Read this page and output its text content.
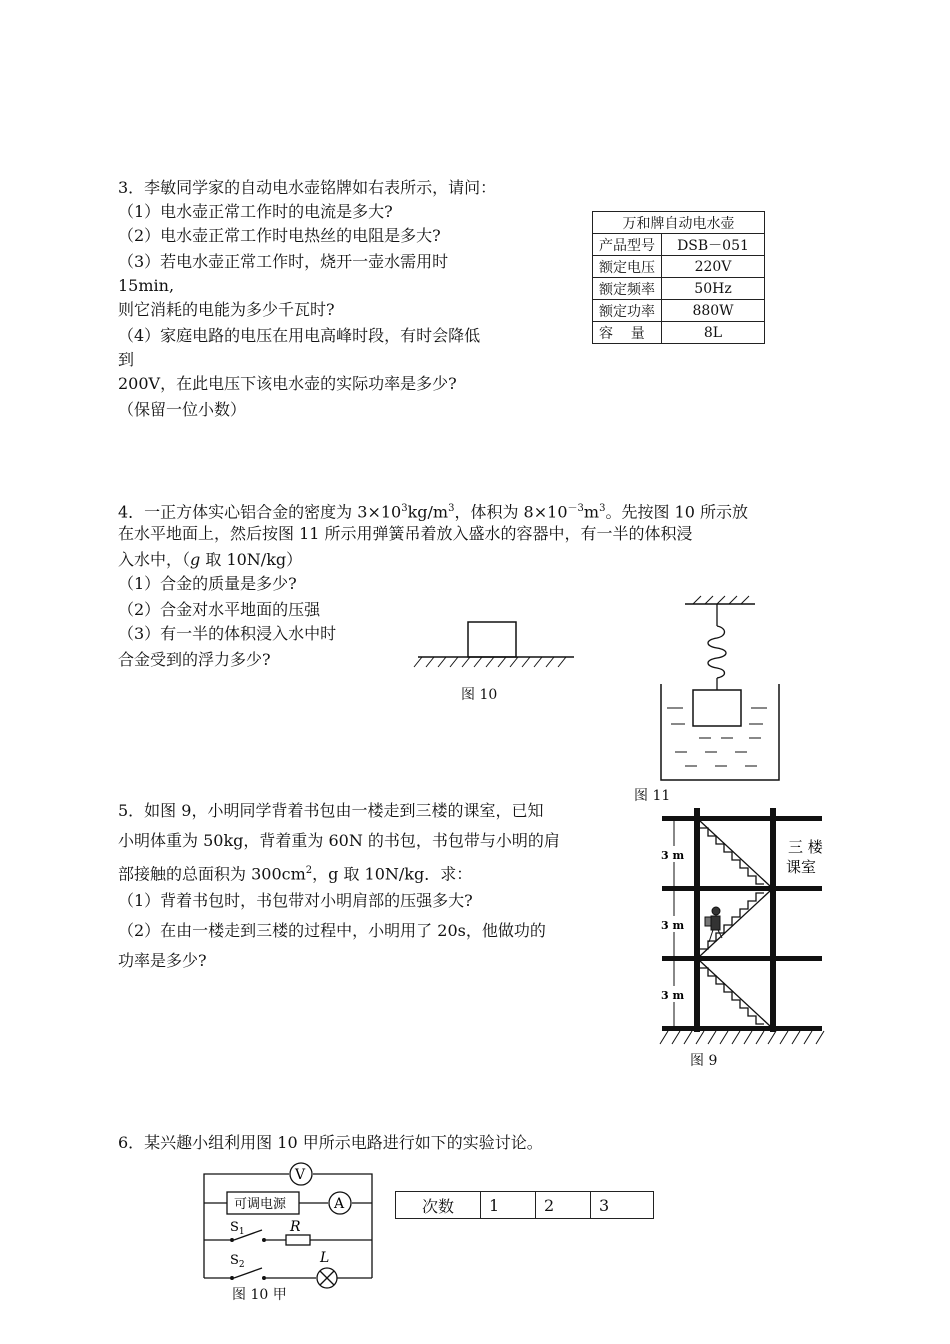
3．李敏同学家的自动电水壶铭牌如右表所示，请问：
（1）电水壶正常工作时的电流是多大?
（2）电水壶正常工作时电热丝的电阻是多大?
（3）若电水壶正常工作时，烧开一壶水需用时
15min,
则它消耗的电能为多少千瓦时?
（4）家庭电路的电压在用电高峰时段，有时会降低
到
200V，在此电压下该电水壶的实际功率是多少?
（保留一位小数）
万和牌自动电水壶	
产品型号	DSB－051
额定电压	220V
额定频率	50Hz
额定功率	880W
容    量	8L
4．一正方体实心铝合金的密度为 $3\times 10^3kg/m^3$，体积为 $8\times 10^{-3}m^3$。先按图 10 所示放
在水平地面上，然后按图 11 所示用弹簧吊着放入盛水的容器中，有一半的体积浸
入水中，（g 取 10N/kg）
（1）合金的质量是多少?
（2）合金对水平地面的压强
（3）有一半的体积浸入水中时
合金受到的浮力多少?
图 10
图 11
5．如图 9，小明同学背着书包由一楼走到三楼的课室，已知
小明体重为 50kg，背着重为 60N 的书包，书包带与小明的肩
部接触的总面积为 $300cm^2$，g 取 10N/kg．求：
（1）背着书包时，书包带对小明肩部的压强多大?
（2）在由一楼走到三楼的过程中，小明用了 20s，他做功的
功率是多少?
3 m
3 m
3 m
三 楼
课室
图 9
6．某兴趣小组利用图 10 甲所示电路进行如下的实验讨论。
V
A
可调电源
$S_1$	R
$S_2$	L
图 10 甲
次数	1	2	3
